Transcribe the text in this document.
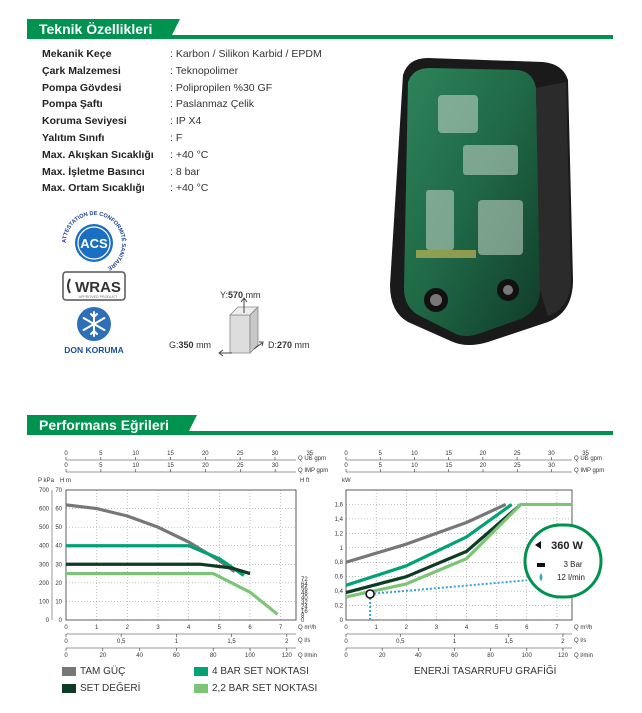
Teknik Özellikleri
Mekanik Keçe	: Karbon / Silikon Karbid / EPDM
Çark Malzemesi	: Teknopolimer
Pompa Gövdesi	: Polipropilen %30 GF
Pompa Şaftı	: Paslanmaz Çelik
Koruma Seviyesi	: IP X4
Yalıtım Sınıfı	: F
Max. Akışkan Sıcaklığı	: +40 °C
Max. İşletme Basıncı	: 8 bar
Max. Ortam Sıcaklığı	: +40 °C
ATTESTATION DE CONFORMITÉ SANITAIRE
ACS
WRAS
APPROVED PRODUCT
DON KORUMA
Y:570 mm
G:350 mm	D:270 mm
Performans Eğrileri
0	5	10	15	20	25	30	35
0	5	10	15	20	25	30
Q US gpm
Q IMP gpm
0
0
10
100
20
200
30
300
40
400
50
500
60
600
70
700
P kPa H m
0
8
16
24
32
40
48
56
64
72
H ft
0	1	2	3	4	5	6	7	Q m³/h
0	0,5	1	1,5	2 Q l/s
0	20	40	60	80	100	120 Q l/min
0
0,2
0,4
0,6
0,8
1
1,2
1,4
1,6
0	1	2	3	4	5	6	7
kW
0	5	10	15	20	25	30	35
0	5	10	15	20	25	30
Q US gpm
Q IMP gpm
Q m³/h
0	0,5	1	1,5	2 Q l/s
0	20	40	60	80	100	120 Q l/min
360 W
3 Bar
12 l/min
TAM GÜÇ	4 BAR SET NOKTASI
SET DEĞERİ	2,2 BAR SET NOKTASI
ENERJİ TASARRUFU GRAFİĞİ
